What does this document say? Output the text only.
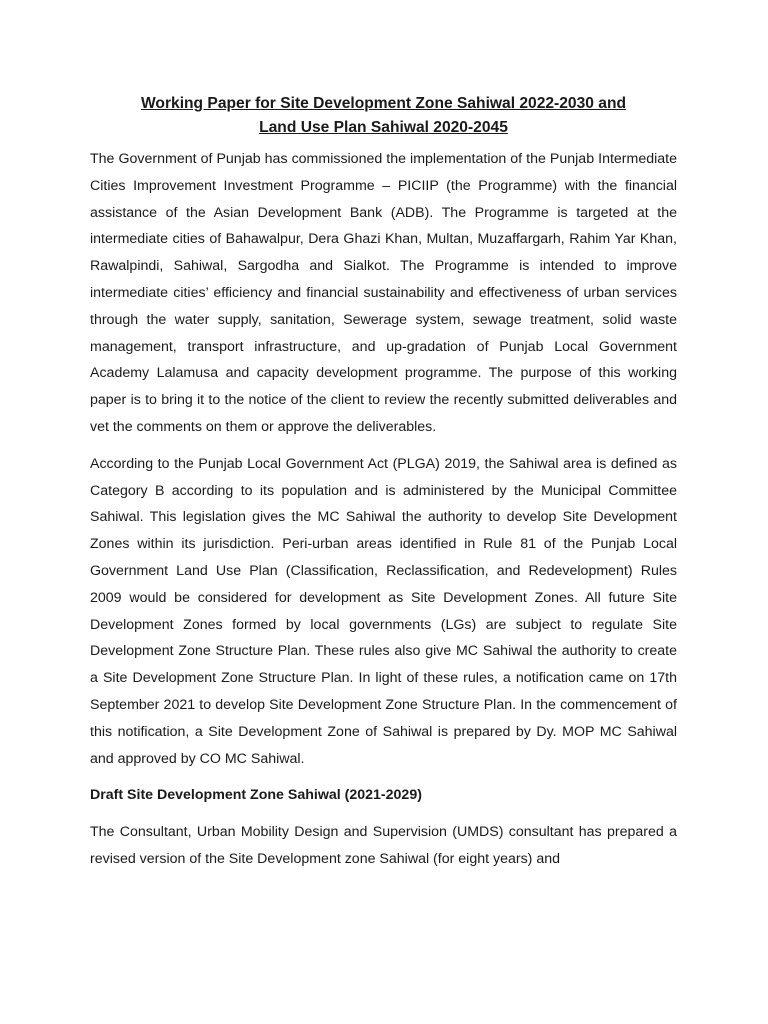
Working Paper for Site Development Zone Sahiwal 2022-2030 and
Land Use Plan Sahiwal 2020-2045

The Government of Punjab has commissioned the implementation of the Punjab Intermediate Cities Improvement Investment Programme – PICIIP (the Programme) with the financial assistance of the Asian Development Bank (ADB). The Programme is targeted at the intermediate cities of Bahawalpur, Dera Ghazi Khan, Multan, Muzaffargarh, Rahim Yar Khan, Rawalpindi, Sahiwal, Sargodha and Sialkot. The Programme is intended to improve intermediate cities’ efficiency and financial sustainability and effectiveness of urban services through the water supply, sanitation, Sewerage system, sewage treatment, solid waste management, transport infrastructure, and up-gradation of Punjab Local Government Academy Lalamusa and capacity development programme. The purpose of this working paper is to bring it to the notice of the client to review the recently submitted deliverables and vet the comments on them or approve the deliverables.

According to the Punjab Local Government Act (PLGA) 2019, the Sahiwal area is defined as Category B according to its population and is administered by the Municipal Committee Sahiwal. This legislation gives the MC Sahiwal the authority to develop Site Development Zones within its jurisdiction. Peri-urban areas identified in Rule 81 of the Punjab Local Government Land Use Plan (Classification, Reclassification, and Redevelopment) Rules 2009 would be considered for development as Site Development Zones. All future Site Development Zones formed by local governments (LGs) are subject to regulate Site Development Zone Structure Plan. These rules also give MC Sahiwal the authority to create a Site Development Zone Structure Plan. In light of these rules, a notification came on 17th September 2021 to develop Site Development Zone Structure Plan. In the commencement of this notification, a Site Development Zone of Sahiwal is prepared by Dy. MOP MC Sahiwal and approved by CO MC Sahiwal.

Draft Site Development Zone Sahiwal (2021-2029)

The Consultant, Urban Mobility Design and Supervision (UMDS) consultant has prepared a revised version of the Site Development zone Sahiwal (for eight years) and
